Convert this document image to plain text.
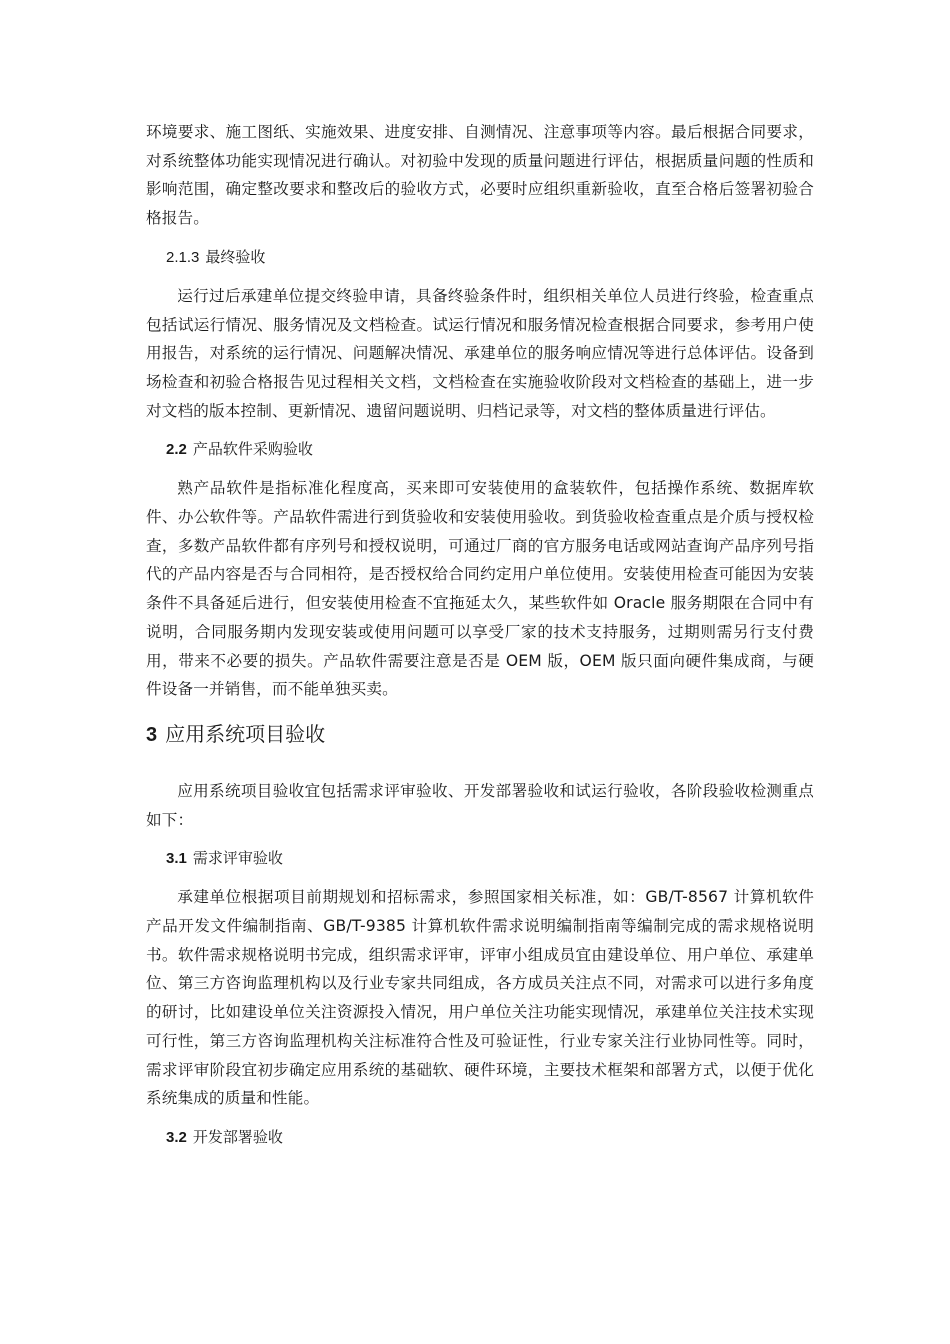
环境要求、施工图纸、实施效果、进度安排、自测情况、注意事项等内容。最后根据合同要求，对系统整体功能实现情况进行确认。对初验中发现的质量问题进行评估，根据质量问题的性质和影响范围，确定整改要求和整改后的验收方式，必要时应组织重新验收，直至合格后签署初验合格报告。

2.1.3 最终验收

运行过后承建单位提交终验申请，具备终验条件时，组织相关单位人员进行终验，检查重点包括试运行情况、服务情况及文档检查。试运行情况和服务情况检查根据合同要求，参考用户使用报告，对系统的运行情况、问题解决情况、承建单位的服务响应情况等进行总体评估。设备到场检查和初验合格报告见过程相关文档，文档检查在实施验收阶段对文档检查的基础上，进一步对文档的版本控制、更新情况、遗留问题说明、归档记录等，对文档的整体质量进行评估。

2.2 产品软件采购验收

熟产品软件是指标准化程度高，买来即可安装使用的盒装软件，包括操作系统、数据库软件、办公软件等。产品软件需进行到货验收和安装使用验收。到货验收检查重点是介质与授权检查，多数产品软件都有序列号和授权说明，可通过厂商的官方服务电话或网站查询产品序列号指代的产品内容是否与合同相符，是否授权给合同约定用户单位使用。安装使用检查可能因为安装条件不具备延后进行，但安装使用检查不宜拖延太久，某些软件如 Oracle 服务期限在合同中有说明，合同服务期内发现安装或使用问题可以享受厂家的技术支持服务，过期则需另行支付费用，带来不必要的损失。产品软件需要注意是否是 OEM 版，OEM 版只面向硬件集成商，与硬件设备一并销售，而不能单独买卖。

3 应用系统项目验收

应用系统项目验收宜包括需求评审验收、开发部署验收和试运行验收，各阶段验收检测重点如下：

3.1 需求评审验收

承建单位根据项目前期规划和招标需求，参照国家相关标准，如：GB/T-8567 计算机软件产品开发文件编制指南、GB/T-9385 计算机软件需求说明编制指南等编制完成的需求规格说明书。软件需求规格说明书完成，组织需求评审，评审小组成员宜由建设单位、用户单位、承建单位、第三方咨询监理机构以及行业专家共同组成，各方成员关注点不同，对需求可以进行多角度的研讨，比如建设单位关注资源投入情况，用户单位关注功能实现情况，承建单位关注技术实现可行性，第三方咨询监理机构关注标准符合性及可验证性，行业专家关注行业协同性等。同时，需求评审阶段宜初步确定应用系统的基础软、硬件环境，主要技术框架和部署方式，以便于优化系统集成的质量和性能。

3.2 开发部署验收
